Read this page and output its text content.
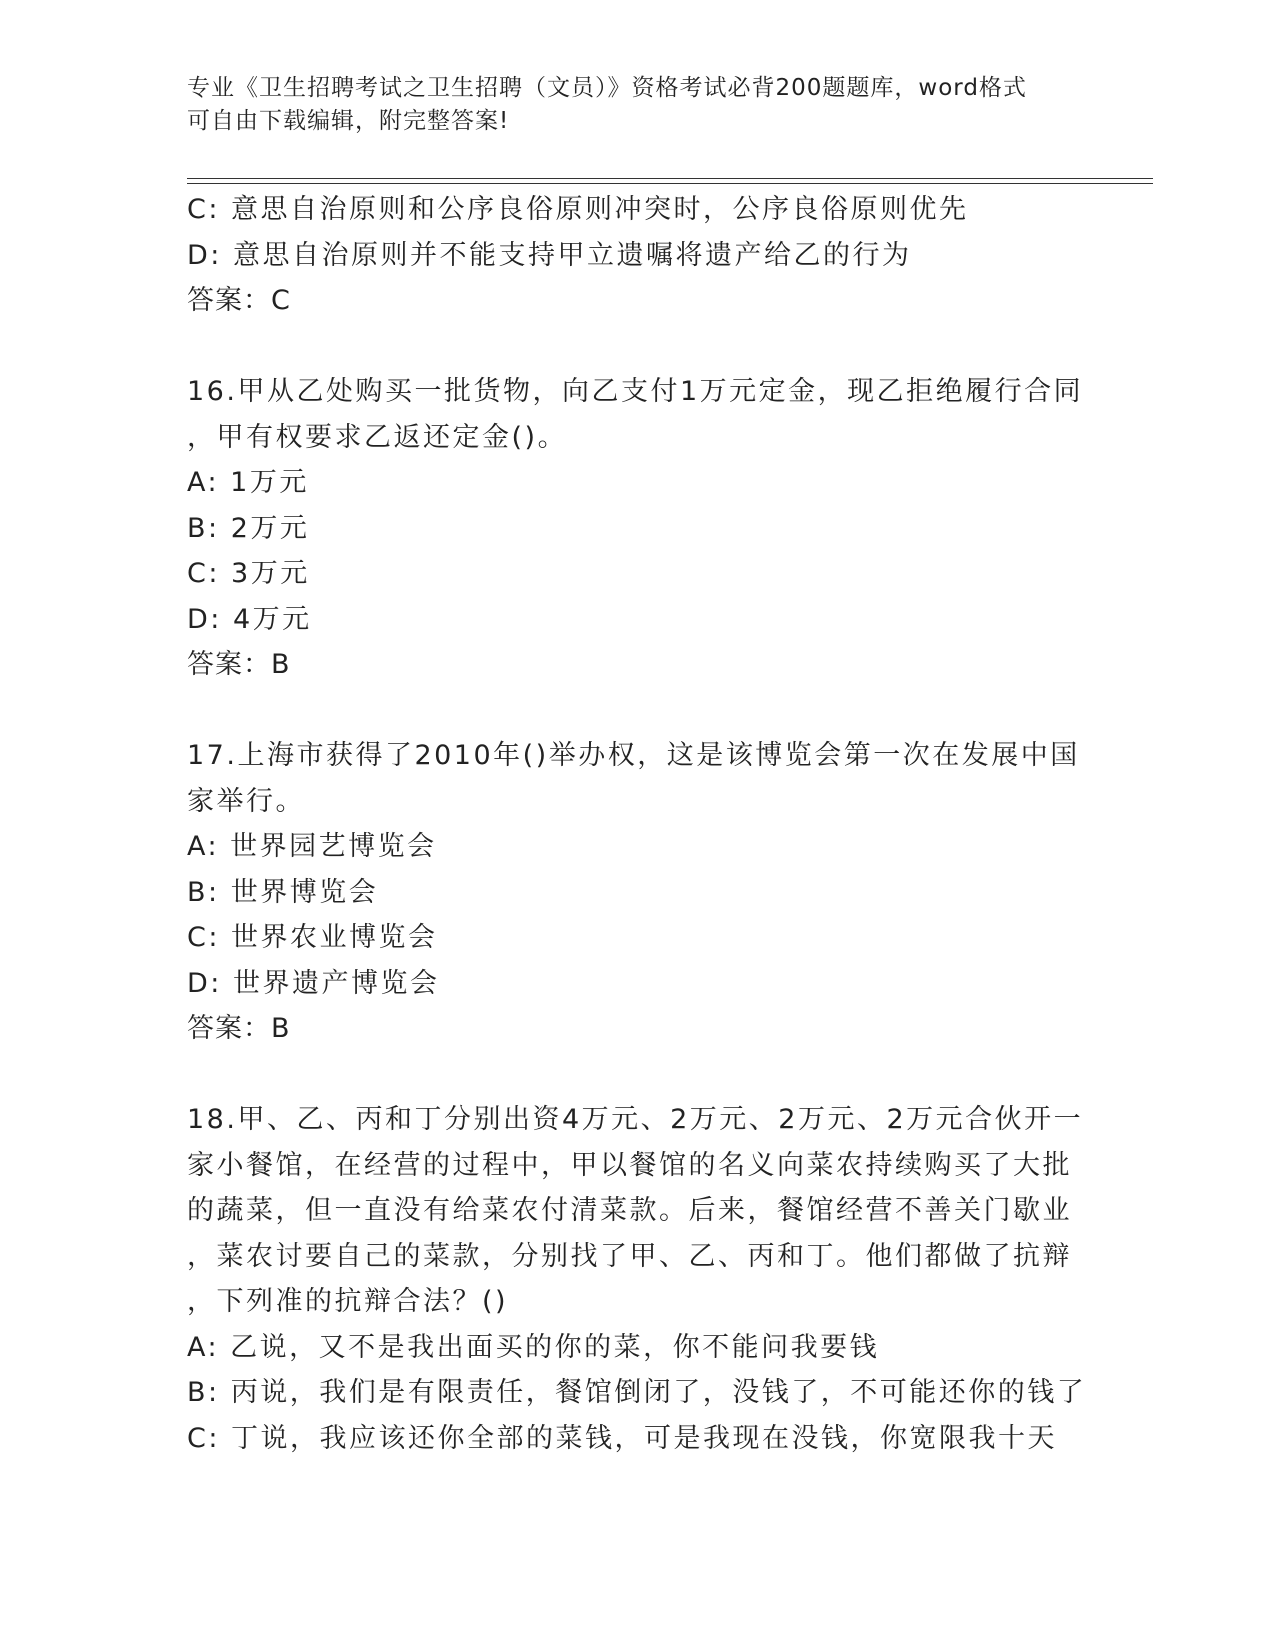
专业《卫生招聘考试之卫生招聘（文员）》资格考试必背200题题库，word格式
可自由下载编辑，附完整答案!
C: 意思自治原则和公序良俗原则冲突时，公序良俗原则优先
D: 意思自治原则并不能支持甲立遗嘱将遗产给乙的行为
答案：C
16.甲从乙处购买一批货物，向乙支付1万元定金，现乙拒绝履行合同
，甲有权要求乙返还定金()。
A: 1万元
B: 2万元
C: 3万元
D: 4万元
答案：B
17.上海市获得了2010年()举办权，这是该博览会第一次在发展中国
家举行。
A: 世界园艺博览会
B: 世界博览会
C: 世界农业博览会
D: 世界遗产博览会
答案：B
18.甲、乙、丙和丁分别出资4万元、2万元、2万元、2万元合伙开一
家小餐馆，在经营的过程中，甲以餐馆的名义向菜农持续购买了大批
的蔬菜，但一直没有给菜农付清菜款。后来，餐馆经营不善关门歇业
，菜农讨要自己的菜款，分别找了甲、乙、丙和丁。他们都做了抗辩
，下列准的抗辩合法？()
A: 乙说，又不是我出面买的你的菜，你不能问我要钱
B: 丙说，我们是有限责任，餐馆倒闭了，没钱了，不可能还你的钱了
C: 丁说，我应该还你全部的菜钱，可是我现在没钱，你宽限我十天
